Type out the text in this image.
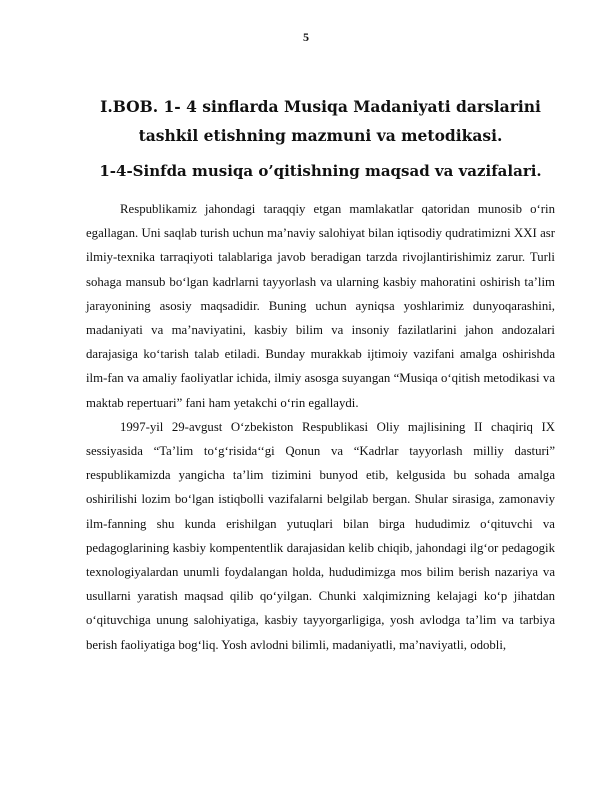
5
I.BOB. 1- 4 sinflarda Musiqa Madaniyati darslarini
tashkil etishning mazmuni va metodikasi.
1-4-Sinfda musiqa o’qitishning maqsad va vazifalari.

Respublikamiz jahondagi taraqqiy etgan mamlakatlar qatoridan munosib o‘rin egallagan. Uni saqlab turish uchun ma’naviy salohiyat bilan iqtisodiy qudratimizni XXI asr ilmiy-texnika tarraqiyoti talablariga javob beradigan tarzda rivojlantirishimiz zarur. Turli sohaga mansub bo‘lgan kadrlarni tayyorlash va ularning kasbiy mahoratini oshirish ta’lim jarayonining asosiy maqsadidir. Buning uchun ayniqsa yoshlarimiz dunyoqarashini, madaniyati va ma’naviyatini, kasbiy bilim va insoniy fazilatlarini jahon andozalari darajasiga ko‘tarish talab etiladi. Bunday murakkab ijtimoiy vazifani amalga oshirishda ilm-fan va amaliy faoliyatlar ichida, ilmiy asosga suyangan “Musiqa o‘qitish metodikasi va maktab repertuari” fani ham yetakchi o‘rin egallaydi.

1997-yil 29-avgust O‘zbekiston Respublikasi Oliy majlisining II chaqiriq IX sessiyasida “Ta’lim to‘g‘risida‘‘gi Qonun va “Kadrlar tayyorlash milliy dasturi” respublikamizda yangicha ta’lim tizimini bunyod etib, kelgusida bu sohada amalga oshirilishi lozim bo‘lgan istiqbolli vazifalarni belgilab bergan. Shular sirasiga, zamonaviy ilm-fanning shu kunda erishilgan yutuqlari bilan birga hududimiz o‘qituvchi va pedagoglarining kasbiy kompententlik darajasidan kelib chiqib, jahondagi ilg‘or pedagogik texnologiyalardan unumli foydalangan holda, hududimizga mos bilim berish nazariya va usullarni yaratish maqsad qilib qo‘yilgan. Chunki xalqimizning kelajagi ko‘p jihatdan o‘qituvchiga unung salohiyatiga, kasbiy tayyorgarligiga, yosh avlodga ta’lim va tarbiya berish faoliyatiga bog‘liq. Yosh avlodni bilimli, madaniyatli, ma’naviyatli, odobli,
